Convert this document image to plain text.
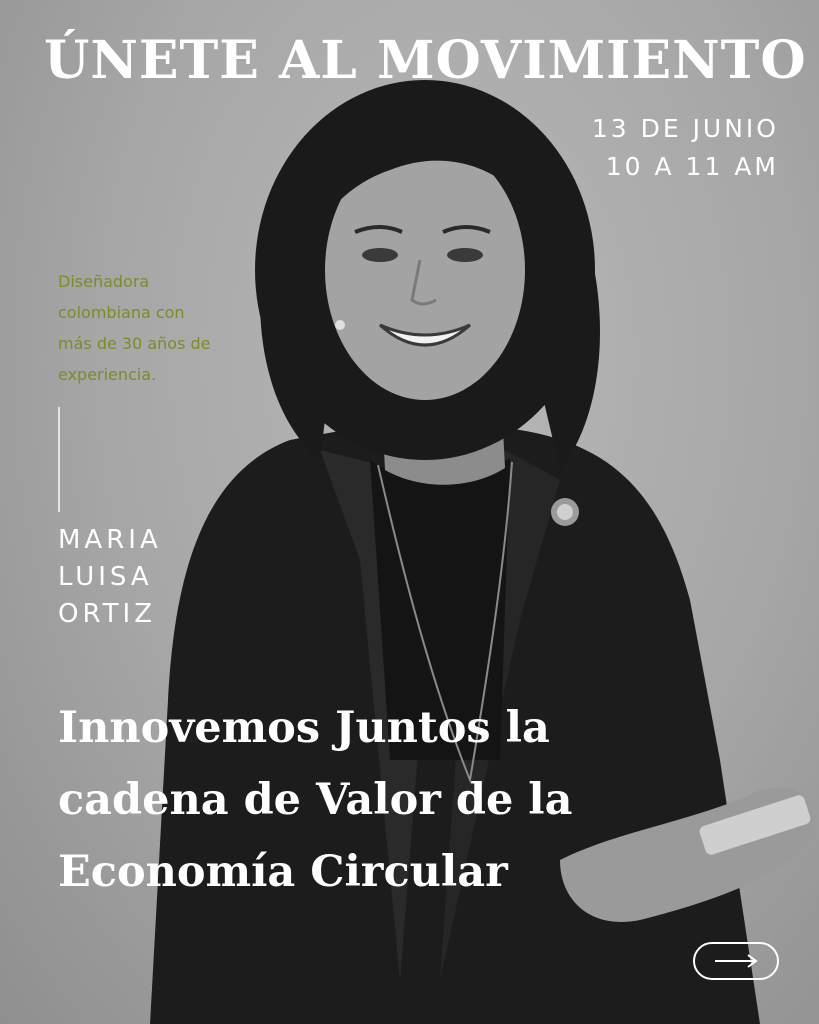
ÚNETE AL MOVIMIENTO
13 DE JUNIO
10 A 11 AM
Diseñadora
colombiana con
más de 30 años de
experiencia.
MARIA
LUISA
ORTIZ
Innovemos Juntos la
cadena de Valor de la
Economía Circular
